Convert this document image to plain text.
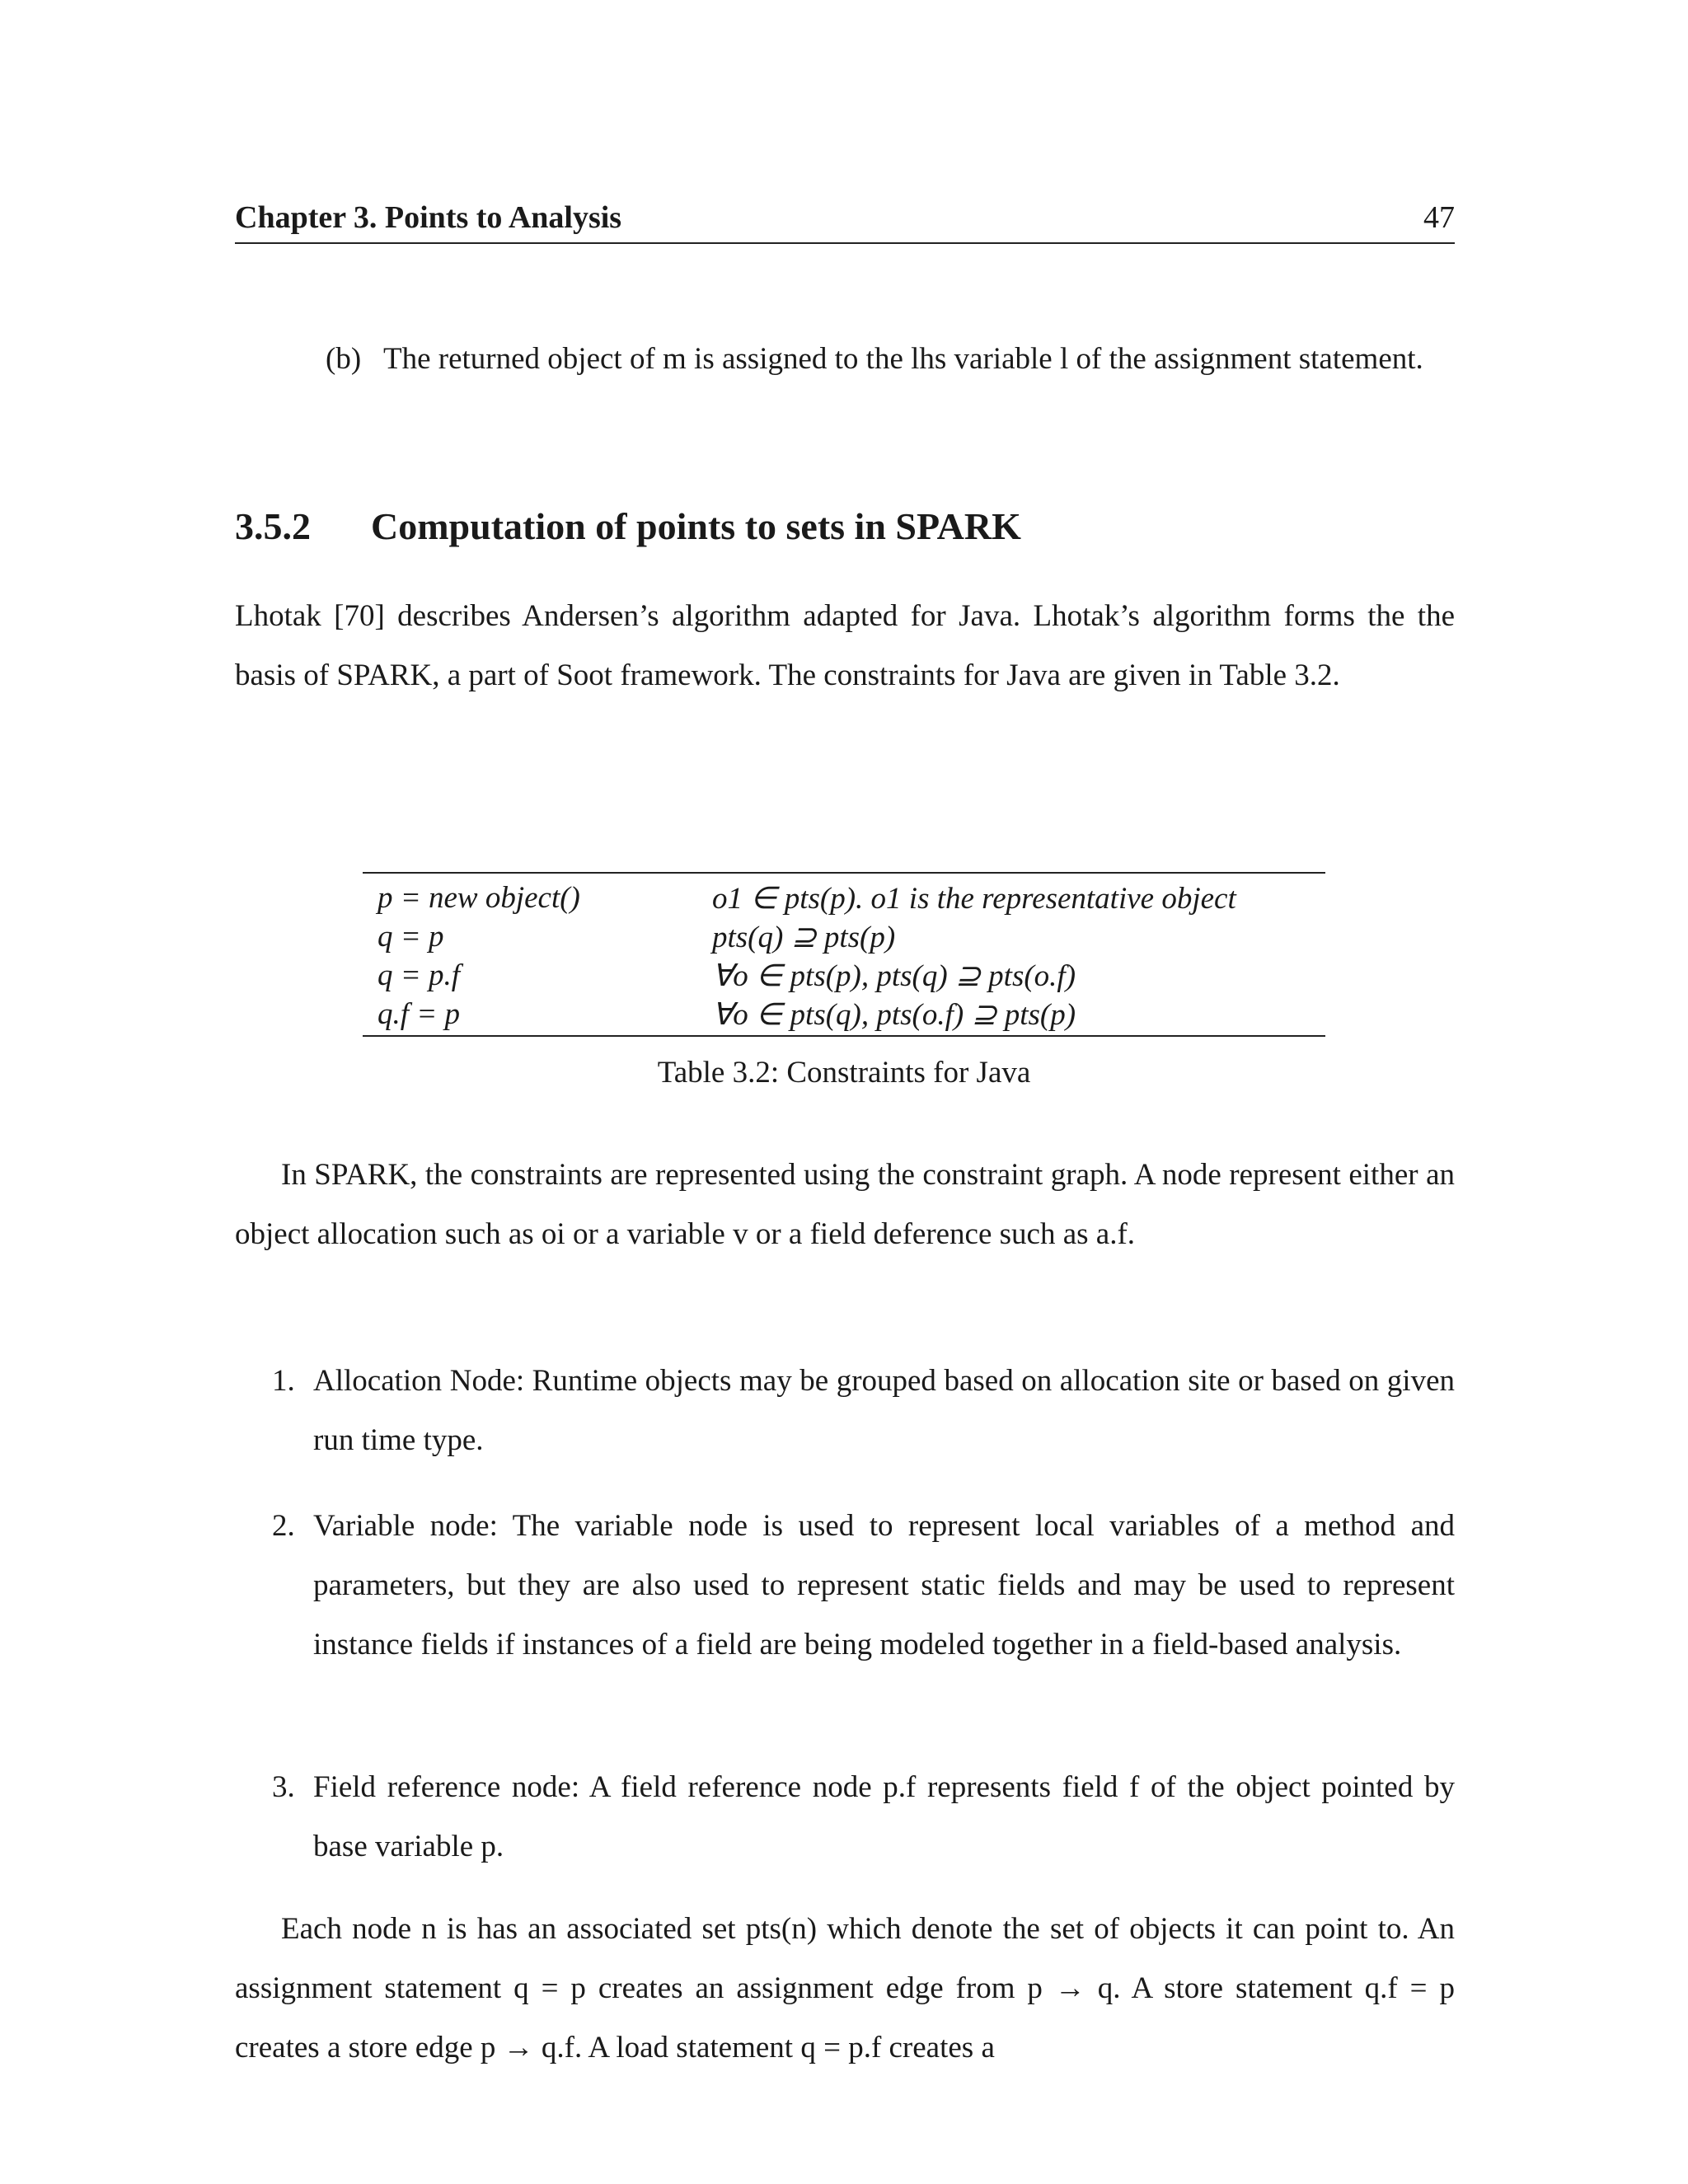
Chapter 3. Points to Analysis	47
(b) The returned object of m is assigned to the lhs variable l of the assignment statement.
3.5.2 Computation of points to sets in SPARK
Lhotak [70] describes Andersen’s algorithm adapted for Java. Lhotak’s algorithm forms the the basis of SPARK, a part of Soot framework. The constraints for Java are given in Table 3.2.
p = new object()	o1 ∈ pts(p). o1 is the representative object
q = p	pts(q) ⊇ pts(p)
q = p.f	∀o ∈ pts(p), pts(q) ⊇ pts(o.f)
q.f = p	∀o ∈ pts(q), pts(o.f) ⊇ pts(p)
Table 3.2: Constraints for Java
In SPARK, the constraints are represented using the constraint graph. A node represent either an object allocation such as oi or a variable v or a field deference such as a.f.
1. Allocation Node: Runtime objects may be grouped based on allocation site or based on given run time type.
2. Variable node: The variable node is used to represent local variables of a method and parameters, but they are also used to represent static fields and may be used to represent instance fields if instances of a field are being modeled together in a field-based analysis.
3. Field reference node: A field reference node p.f represents field f of the object pointed by base variable p.
Each node n is has an associated set pts(n) which denote the set of objects it can point to. An assignment statement q = p creates an assignment edge from p → q. A store statement q.f = p creates a store edge p → q.f. A load statement q = p.f creates a
